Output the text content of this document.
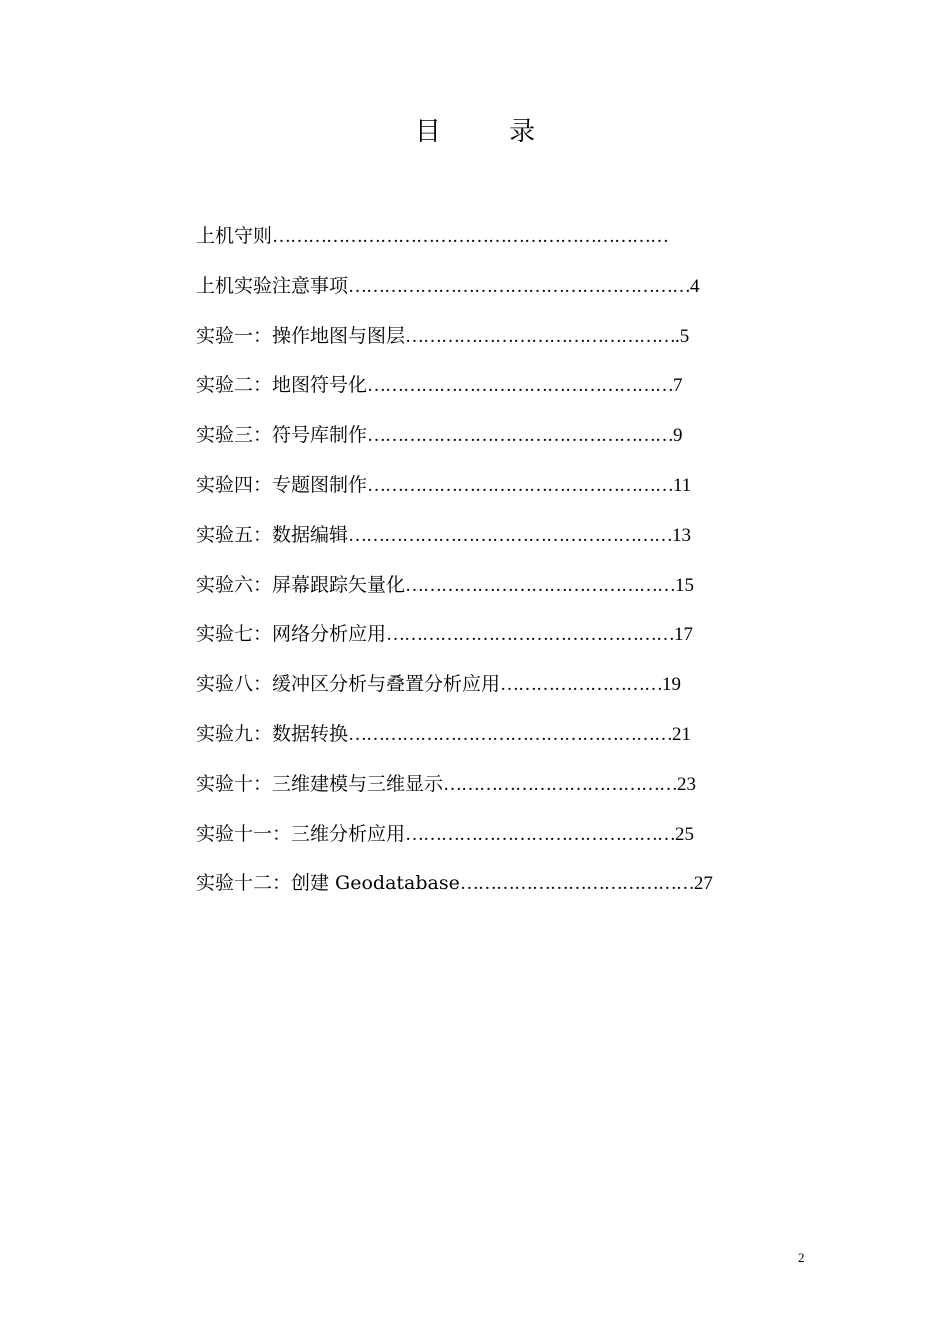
目 录
上机守则 …………………………………………………………
上机实验注意事项 ………………………………………………… 4
实验一：操作地图与图层 ……………………………………… .5
实验二：地图符号化 …………………………………………… 7
实验三：符号库制作 …………………………………………… 9
实验四：专题图制作 …………………………………………… 11
实验五：数据编辑 ……………………………………………… 13
实验六：屏幕跟踪矢量化 ……………………………………… 15
实验七：网络分析应用 ………………………………………… 17
实验八：缓冲区分析与叠置分析应用 ……………………… 19
实验九：数据转换 ……………………………………………… 21
实验十：三维建模与三维显示 ………………………………… 23
实验十一：三维分析应用 ……………………………………… 25
实验十二：创建 Geodatabase ………………………………… 27
2
